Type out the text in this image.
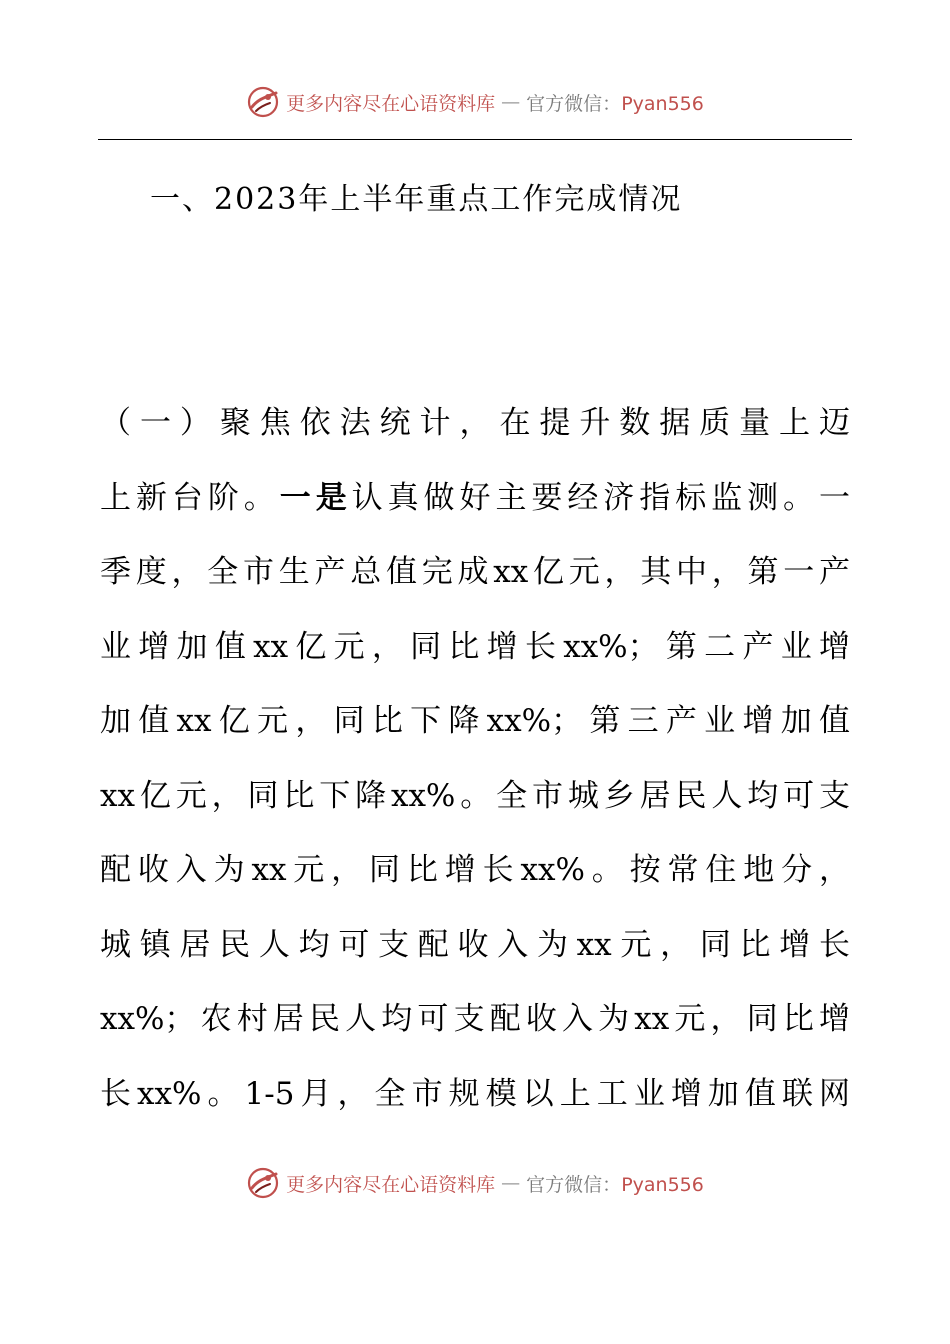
更多内容尽在心语资料库 — 官方微信：Pyan556
一、2023年上半年重点工作完成情况
（一）聚焦依法统计，在提升数据质量上迈
上新台阶。一是认真做好主要经济指标监测。一
季度，全市生产总值完成xx亿元，其中，第一产
业增加值xx亿元，同比增长xx%；第二产业增
加值xx亿元，同比下降xx%；第三产业增加值
xx亿元，同比下降xx%。全市城乡居民人均可支
配收入为xx元，同比增长xx%。按常住地分，
城镇居民人均可支配收入为xx元，同比增长
xx%；农村居民人均可支配收入为xx元，同比增
长xx%。1-5月，全市规模以上工业增加值联网
更多内容尽在心语资料库 — 官方微信：Pyan556
